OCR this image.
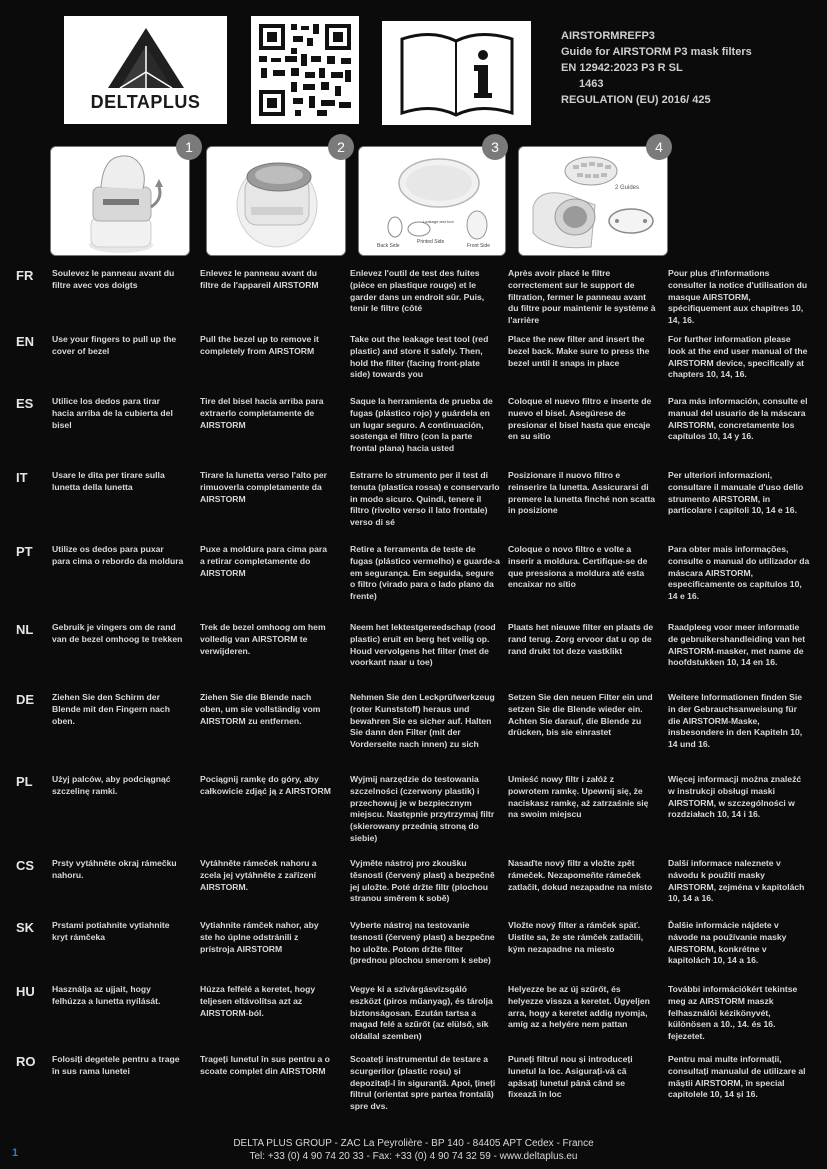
DELTAPLUS
AIRSTORMREFP3
Guide for AIRSTORM P3 mask filters
EN 12942:2023 P3 R SL
1463
REGULATION (EU) 2016/ 425
1	2
Leakage test tool
Back Side
Printed Side
Front Side
3
2 Guides
4
FR Soulevez le panneau avant du filtre avec vos doigts
Enlevez le panneau avant du filtre de l'appareil AIRSTORM
Enlevez l'outil de test des fuites (pièce en plastique rouge) et le garder dans un endroit sûr. Puis, tenir le filtre (côté
Après avoir placé le filtre correctement sur le support de filtration, fermer le panneau avant du filtre pour maintenir le système à l'arrière
Pour plus d'informations consulter la notice d'utilisation du masque AIRSTORM, spécifiquement aux chapitres 10, 14, 16.
EN Use your fingers to pull up the cover of bezel
Pull the bezel up to remove it completely from AIRSTORM
Take out the leakage test tool (red plastic) and store it safely. Then, hold the filter (facing front-plate side) towards you
Place the new filter and insert the bezel back. Make sure to press the bezel until it snaps in place
For further information please look at the end user manual of the AIRSTORM device, specifically at chapters 10, 14, 16.
ES Utilice los dedos para tirar hacia arriba de la cubierta del bisel
Tire del bisel hacia arriba para extraerlo completamente de AIRSTORM
Saque la herramienta de prueba de fugas (plástico rojo) y guárdela en un lugar seguro. A continuación, sostenga el filtro (con la parte frontal plana) hacia usted
Coloque el nuevo filtro e inserte de nuevo el bisel. Asegúrese de presionar el bisel hasta que encaje en su sitio
Para más información, consulte el manual del usuario de la máscara AIRSTORM, concretamente los capítulos 10, 14 y 16.
IT	Usare le dita per tirare sulla lunetta della lunetta
Tirare la lunetta verso l'alto per rimuoverla completamente da AIRSTORM
Estrarre lo strumento per il test di tenuta (plastica rossa) e conservarlo in modo sicuro. Quindi, tenere il filtro (rivolto verso il lato frontale) verso di sé
Posizionare il nuovo filtro e reinserire la lunetta. Assicurarsi di premere la lunetta finché non scatta in posizione
Per ulteriori informazioni, consultare il manuale d'uso dello strumento AIRSTORM, in particolare i capitoli 10, 14 e 16.
PT Utilize os dedos para puxar para cima o rebordo da moldura
Puxe a moldura para cima para a retirar completamente do AIRSTORM
Retire a ferramenta de teste de fugas (plástico vermelho) e guarde-a em segurança. Em seguida, segure o filtro (virado para o lado plano da frente)
Coloque o novo filtro e volte a inserir a moldura. Certifique-se de que pressiona a moldura até esta encaixar no sítio
Para obter mais informações, consulte o manual do utilizador da máscara AIRSTORM, especificamente os capítulos 10, 14 e 16.
NL Gebruik je vingers om de rand van de bezel omhoog te trekken
Trek de bezel omhoog om hem volledig van AIRSTORM te verwijderen.
Neem het lektestgereedschap (rood plastic) eruit en berg het veilig op. Houd vervolgens het filter (met de voorkant naar u toe)
Plaats het nieuwe filter en plaats de rand terug. Zorg ervoor dat u op de rand drukt tot deze vastklikt
Raadpleeg voor meer informatie de gebruikershandleiding van het AIRSTORM-masker, met name de hoofdstukken 10, 14 en 16.
DE Ziehen Sie den Schirm der Blende mit den Fingern nach oben.
Ziehen Sie die Blende nach oben, um sie vollständig vom AIRSTORM zu entfernen.
Nehmen Sie den Leckprüfwerkzeug (roter Kunststoff) heraus und bewahren Sie es sicher auf. Halten Sie dann den Filter (mit der Vorderseite nach innen) zu sich
Setzen Sie den neuen Filter ein und setzen Sie die Blende wieder ein. Achten Sie darauf, die Blende zu drücken, bis sie einrastet
Weitere Informationen finden Sie in der Gebrauchsanweisung für die AIRSTORM-Maske, insbesondere in den Kapiteln 10, 14 und 16.
PL Użyj palców, aby podciągnąć szczelinę ramki.
Pociągnij ramkę do góry, aby całkowicie zdjąć ją z AIRSTORM
Wyjmij narzędzie do testowania szczelności (czerwony plastik) i przechowuj je w bezpiecznym miejscu. Następnie przytrzymaj filtr (skierowany przednią stroną do siebie)
Umieść nowy filtr i załóż z powrotem ramkę. Upewnij się, że naciskasz ramkę, aż zatrzaśnie się na swoim miejscu
Więcej informacji można znaleźć w instrukcji obsługi maski AIRSTORM, w szczególności w rozdziałach 10, 14 i 16.
CS Prsty vytáhněte okraj rámečku nahoru.
Vytáhněte rámeček nahoru a zcela jej vytáhněte z zařízení AIRSTORM.
Vyjměte nástroj pro zkoušku těsnosti (červený plast) a bezpečně jej uložte. Poté držte filtr (plochou stranou směrem k sobě)
Nasaďte nový filtr a vložte zpět rámeček. Nezapomeňte rámeček zatlačit, dokud nezapadne na místo
Další informace naleznete v návodu k použití masky AIRSTORM, zejména v kapitolách 10, 14 a 16.
SK Prstami potiahnite vytiahnite kryt rámčeka
Vytiahnite rámček nahor, aby ste ho úplne odstránili z prístroja AIRSTORM
Vyberte nástroj na testovanie tesnosti (červený plast) a bezpečne ho uložte. Potom držte filter (prednou plochou smerom k sebe)
Vložte nový filter a rámček späť. Uistite sa, že ste rámček zatlačili, kým nezapadne na miesto
Ďalšie informácie nájdete v návode na používanie masky AIRSTORM, konkrétne v kapitolách 10, 14 a 16.
HU Használja az ujjait, hogy felhúzza a lunetta nyílását.
Húzza felfelé a keretet, hogy teljesen eltávolítsa azt az AIRSTORM-ból.
Vegye ki a szivárgásvizsgáló eszközt (piros műanyag), és tárolja biztonságosan. Ezután tartsa a magad felé a szűrőt (az elülső, sík oldallal szemben)
Helyezze be az új szűrőt, és helyezze vissza a keretet. Ügyeljen arra, hogy a keretet addig nyomja, amíg az a helyére nem pattan
További információkért tekintse meg az AIRSTORM maszk felhasználói kézikönyvét, különösen a 10., 14. és 16. fejezetet.
RO Folosiți degetele pentru a trage în sus rama lunetei
Trageți lunetul în sus pentru a o scoate complet din AIRSTORM
Scoateți instrumentul de testare a scurgerilor (plastic roșu) și depozitați-l în siguranță. Apoi, țineți filtrul (orientat spre partea frontală) spre dvs.
Puneți filtrul nou și introduceți lunetul la loc. Asigurați-vă că apăsați lunetul până când se fixează în loc
Pentru mai multe informații, consultați manualul de utilizare al măștii AIRSTORM, în special capitolele 10, 14 și 16.
DELTA PLUS GROUP - ZAC La Peyrolière - BP 140 - 84405 APT Cedex - France
Tel: +33 (0) 4 90 74 20 33 - Fax: +33 (0) 4 90 74 32 59 - www.deltaplus.eu
1
